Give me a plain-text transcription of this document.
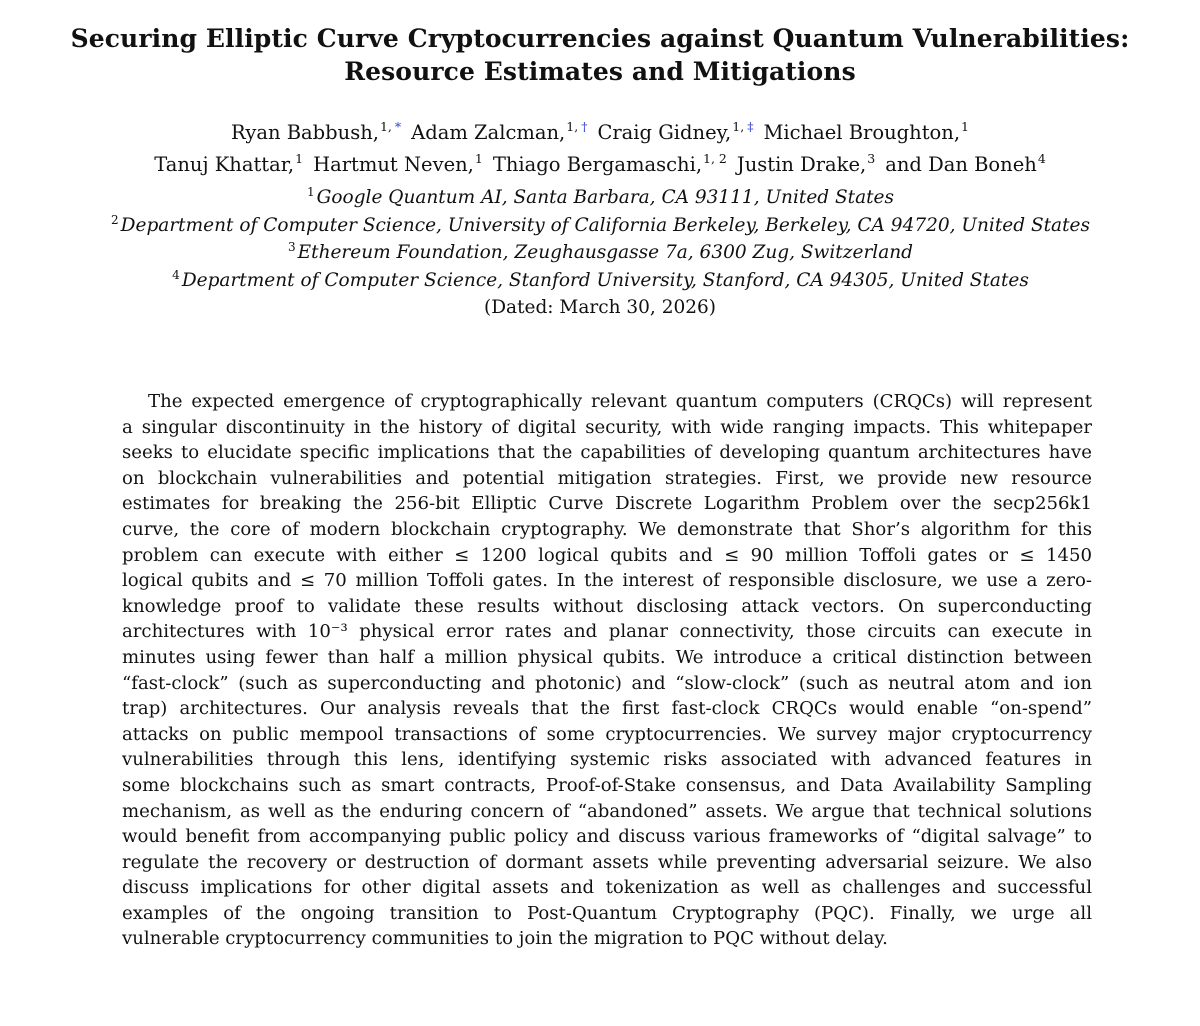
Securing Elliptic Curve Cryptocurrencies against Quantum Vulnerabilities:
Resource Estimates and Mitigations
Ryan Babbush,$^{1, *}$ Adam Zalcman,$^{1, \dagger}$ Craig Gidney,$^{1, \ddagger}$ Michael Broughton,$^1$
Tanuj Khattar,$^1$ Hartmut Neven,$^1$ Thiago Bergamaschi,$^{1, 2}$ Justin Drake,$^3$ and Dan Boneh$^4$
$^1$ Google Quantum AI, Santa Barbara, CA 93111, United States
$^2$ Department of Computer Science, University of California Berkeley, Berkeley, CA 94720, United States
$^3$ Ethereum Foundation, Zeughausgasse 7a, 6300 Zug, Switzerland
$^4$ Department of Computer Science, Stanford University, Stanford, CA 94305, United States
(Dated: March 30, 2026)
The expected emergence of cryptographically relevant quantum computers (CRQCs) will represent
a singular discontinuity in the history of digital security, with wide ranging impacts. This whitepaper
seeks to elucidate specific implications that the capabilities of developing quantum architectures have
on blockchain vulnerabilities and potential mitigation strategies. First, we provide new resource
estimates for breaking the 256-bit Elliptic Curve Discrete Logarithm Problem over the secp256k1
curve, the core of modern blockchain cryptography. We demonstrate that Shor’s algorithm for this
problem can execute with either ≤ 1200 logical qubits and ≤ 90 million Toffoli gates or ≤ 1450
logical qubits and ≤ 70 million Toffoli gates. In the interest of responsible disclosure, we use a zero-
knowledge proof to validate these results without disclosing attack vectors. On superconducting
architectures with 10⁻³ physical error rates and planar connectivity, those circuits can execute in
minutes using fewer than half a million physical qubits. We introduce a critical distinction between
“fast-clock” (such as superconducting and photonic) and “slow-clock” (such as neutral atom and ion
trap) architectures. Our analysis reveals that the first fast-clock CRQCs would enable “on-spend”
attacks on public mempool transactions of some cryptocurrencies. We survey major cryptocurrency
vulnerabilities through this lens, identifying systemic risks associated with advanced features in
some blockchains such as smart contracts, Proof-of-Stake consensus, and Data Availability Sampling
mechanism, as well as the enduring concern of “abandoned” assets. We argue that technical solutions
would benefit from accompanying public policy and discuss various frameworks of “digital salvage” to
regulate the recovery or destruction of dormant assets while preventing adversarial seizure. We also
discuss implications for other digital assets and tokenization as well as challenges and successful
examples of the ongoing transition to Post-Quantum Cryptography (PQC). Finally, we urge all
vulnerable cryptocurrency communities to join the migration to PQC without delay.
